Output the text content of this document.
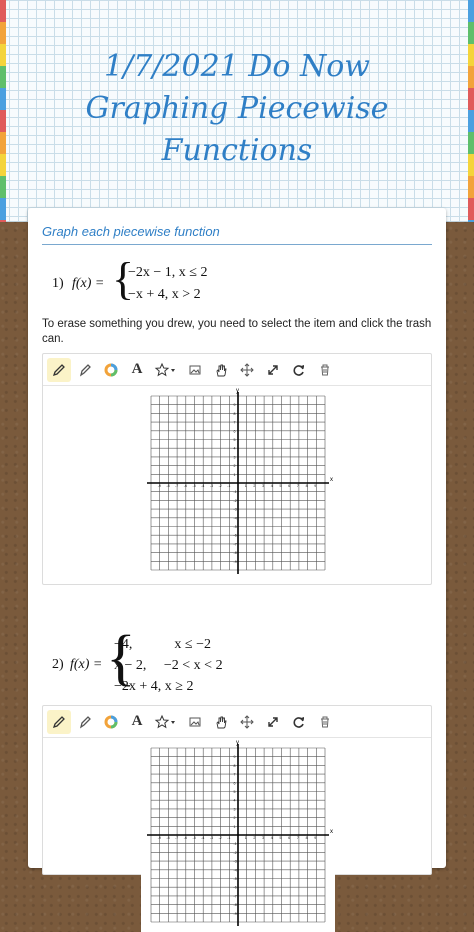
1/7/2021 Do Now
Graphing Piecewise
Functions
Graph each piecewise function
1) f(x) = {
−2x − 1, x ≤ 2
−x + 4, x > 2
To erase something you drew, you need to select the item and click the trash can.
A
x
y
-9 -8 -7 -6 -5 -4 -3 -2 -1	1 2 3 4 5 6 7 8 9
9
8
7
6
5
4
3
2
1
-1
-2
-3
-4
-5
-6
-7
-8
-9
2) f(x) = {
−4,            x ≤ −2
x − 2,     −2 < x < 2
−2x + 4, x ≥ 2
A
x
y
-9 -8 -7 -6 -5 -4 -3 -2 -1	1 2 3 4 5 6 7 8 9
9
8
7
6
5
4
3
2
1
-1
-2
-3
-4
-5
-6
-7
-8
-9
